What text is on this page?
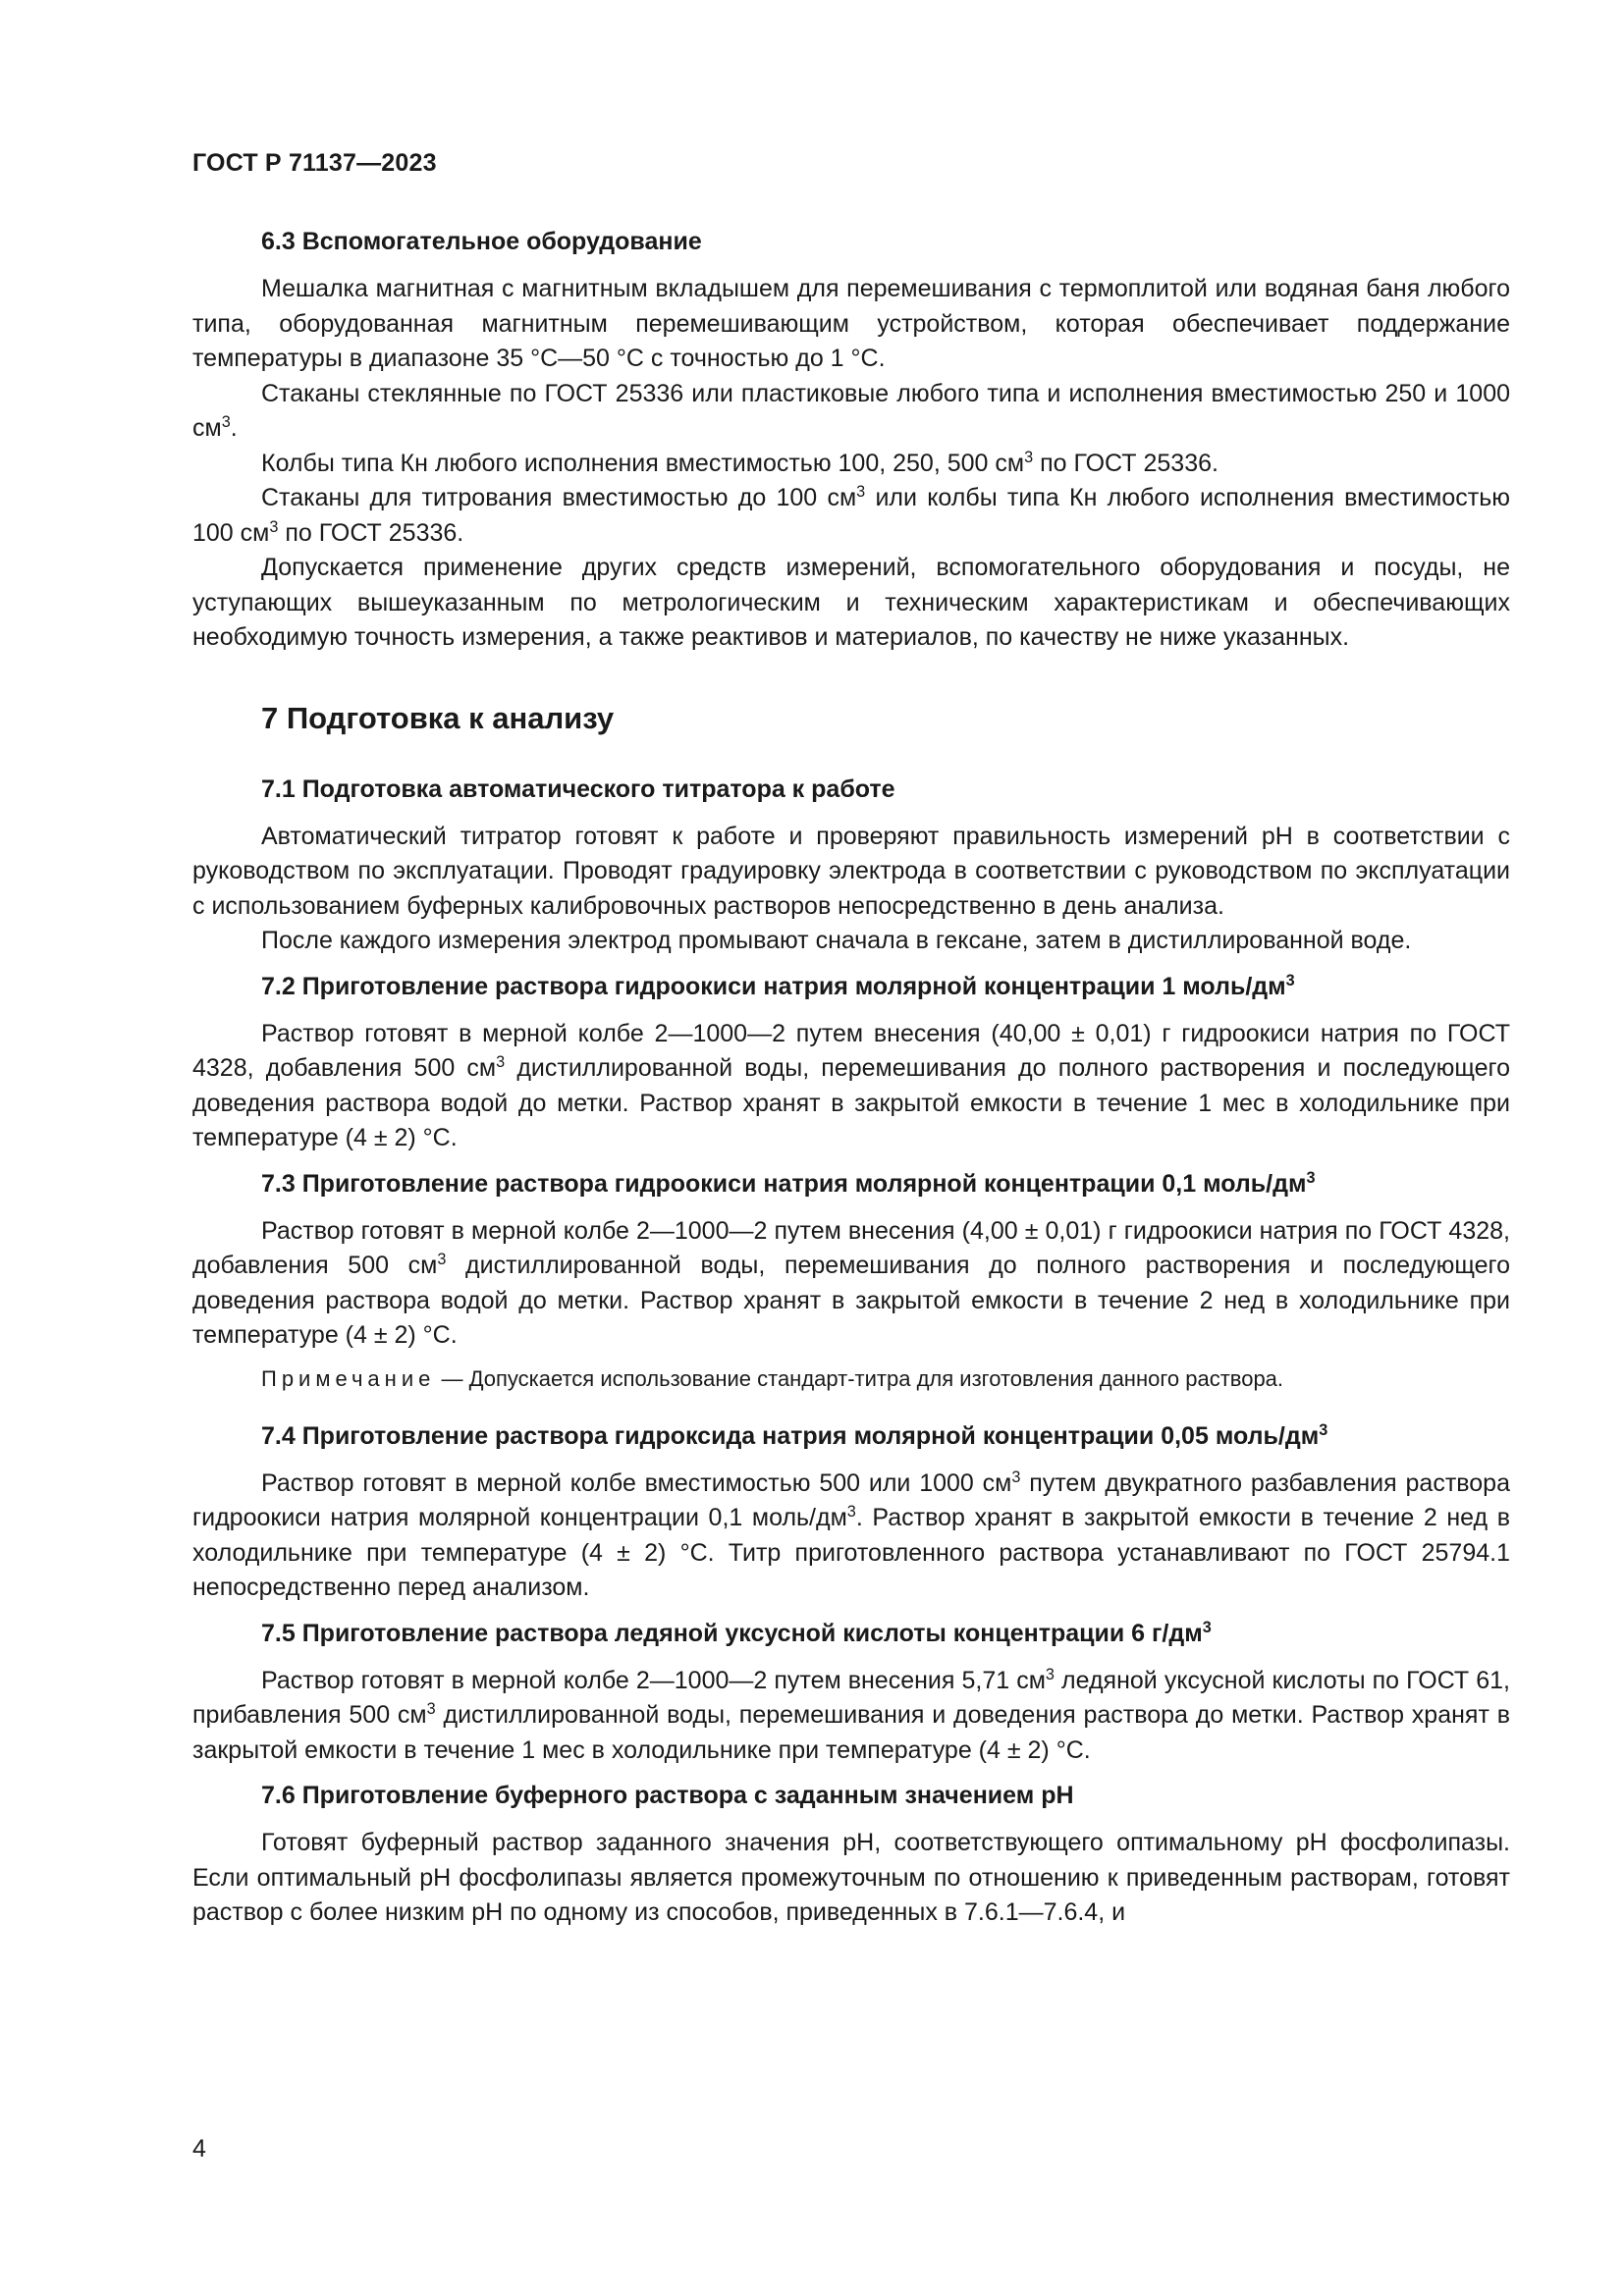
ГОСТ Р 71137—2023
6.3 Вспомогательное оборудование

Мешалка магнитная с магнитным вкладышем для перемешивания с термоплитой или водяная баня любого типа, оборудованная магнитным перемешивающим устройством, которая обеспечивает поддержание температуры в диапазоне 35 °С—50 °С с точностью до 1 °С.

Стаканы стеклянные по ГОСТ 25336 или пластиковые любого типа и исполнения вместимостью 250 и 1000 $см^3$.

Колбы типа Кн любого исполнения вместимостью 100, 250, 500 $см^3$ по ГОСТ 25336.

Стаканы для титрования вместимостью до 100 $см^3$ или колбы типа Кн любого исполнения вместимостью 100 $см^3$ по ГОСТ 25336.

Допускается применение других средств измерений, вспомогательного оборудования и посуды, не уступающих вышеуказанным по метрологическим и техническим характеристикам и обеспечивающих необходимую точность измерения, а также реактивов и материалов, по качеству не ниже указанных.

7 Подготовка к анализу
7.1 Подготовка автоматического титратора к работе

Автоматический титратор готовят к работе и проверяют правильность измерений рН в соответствии с руководством по эксплуатации. Проводят градуировку электрода в соответствии с руководством по эксплуатации с использованием буферных калибровочных растворов непосредственно в день анализа.

После каждого измерения электрод промывают сначала в гексане, затем в дистиллированной воде.

7.2 Приготовление раствора гидроокиси натрия молярной концентрации 1 моль/$дм^3$

Раствор готовят в мерной колбе 2—1000—2 путем внесения (40,00 ± 0,01) г гидроокиси натрия по ГОСТ 4328, добавления 500 $см^3$ дистиллированной воды, перемешивания до полного растворения и последующего доведения раствора водой до метки. Раствор хранят в закрытой емкости в течение 1 мес в холодильнике при температуре (4 ± 2) °С.

7.3 Приготовление раствора гидроокиси натрия молярной концентрации 0,1 моль/$дм^3$

Раствор готовят в мерной колбе 2—1000—2 путем внесения (4,00 ± 0,01) г гидроокиси натрия по ГОСТ 4328, добавления 500 $см^3$ дистиллированной воды, перемешивания до полного растворения и последующего доведения раствора водой до метки. Раствор хранят в закрытой емкости в течение 2 нед в холодильнике при температуре (4 ± 2) °С.

Примечание — Допускается использование стандарт-титра для изготовления данного раствора.

7.4 Приготовление раствора гидроксида натрия молярной концентрации 0,05 моль/$дм^3$

Раствор готовят в мерной колбе вместимостью 500 или 1000 $см^3$ путем двукратного разбавления раствора гидроокиси натрия молярной концентрации 0,1 моль/$дм^3$. Раствор хранят в закрытой емкости в течение 2 нед в холодильнике при температуре (4 ± 2) °С. Титр приготовленного раствора устанавливают по ГОСТ 25794.1 непосредственно перед анализом.

7.5 Приготовление раствора ледяной уксусной кислоты концентрации 6 $г/дм^3$

Раствор готовят в мерной колбе 2—1000—2 путем внесения 5,71 $см^3$ ледяной уксусной кислоты по ГОСТ 61, прибавления 500 $см^3$ дистиллированной воды, перемешивания и доведения раствора до метки. Раствор хранят в закрытой емкости в течение 1 мес в холодильнике при температуре (4 ± 2) °С.

7.6 Приготовление буферного раствора с заданным значением рН

Готовят буферный раствор заданного значения рН, соответствующего оптимальному рН фосфолипазы. Если оптимальный рН фосфолипазы является промежуточным по отношению к приведенным растворам, готовят раствор с более низким рН по одному из способов, приведенных в 7.6.1—7.6.4, и

4
